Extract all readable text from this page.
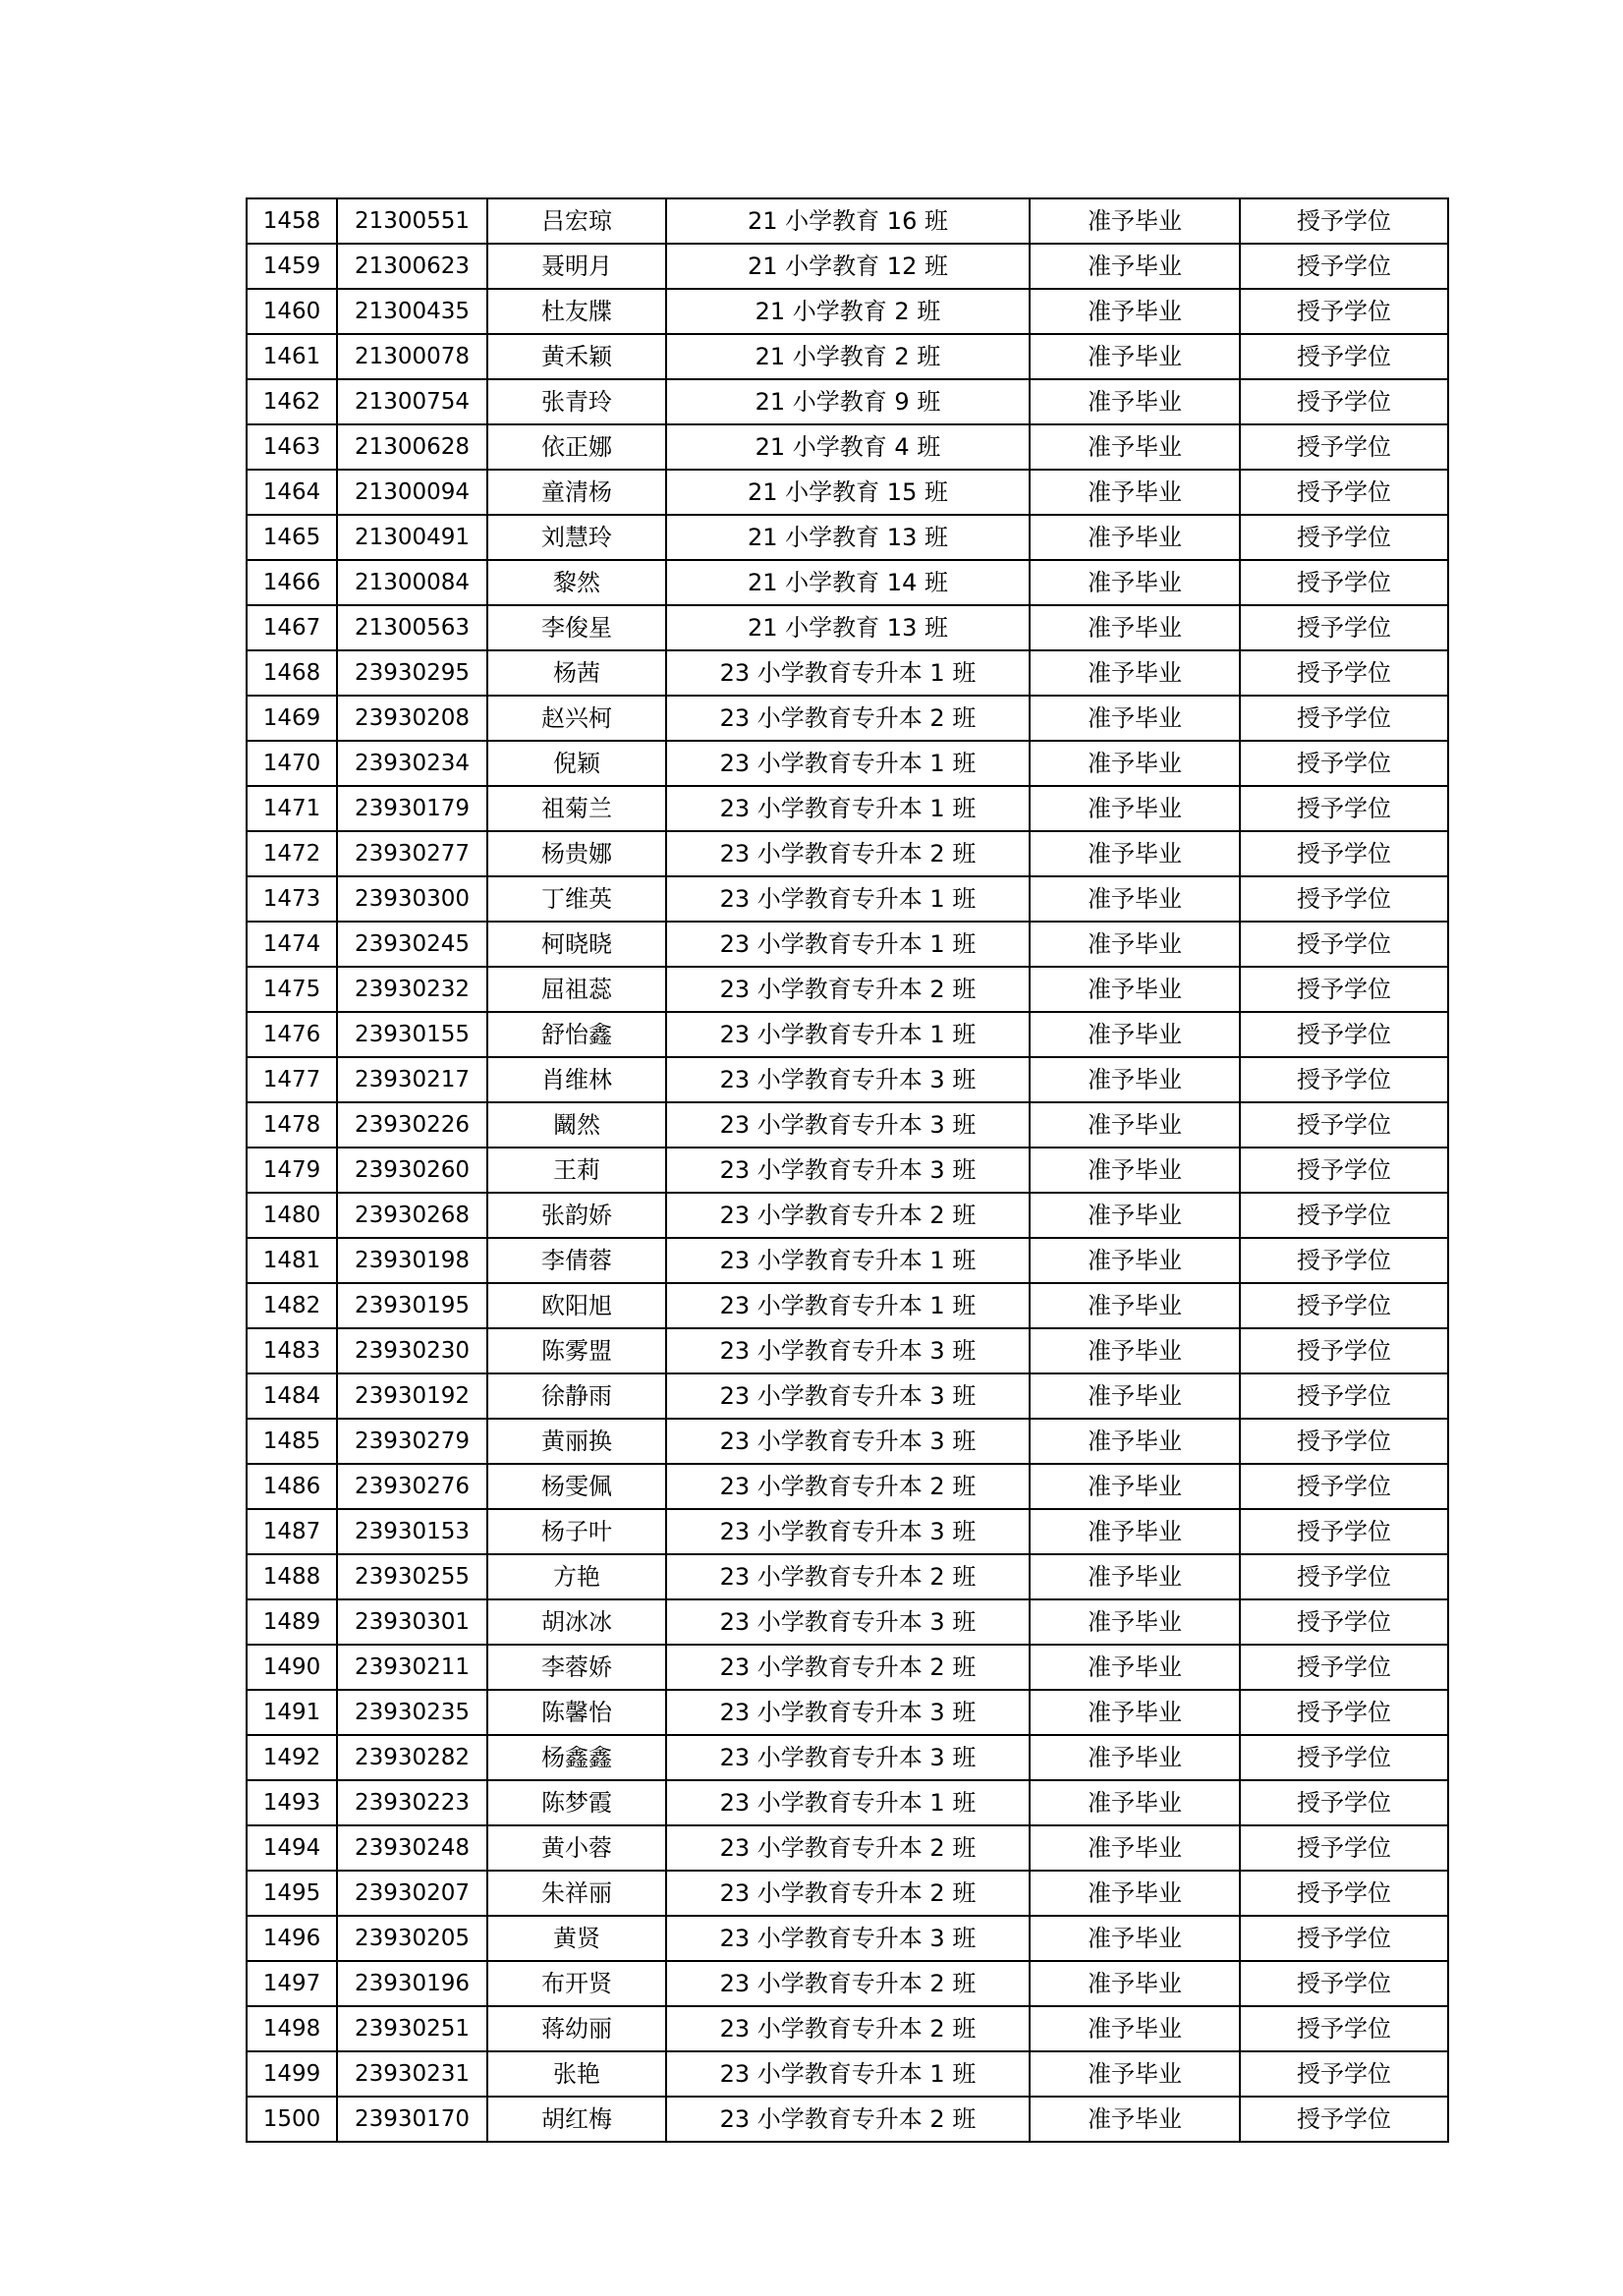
1458	21300551	吕宏琼	21 小学教育 16 班	准予毕业	授予学位
1459	21300623	聂明月	21 小学教育 12 班	准予毕业	授予学位
1460	21300435	杜友牒	21 小学教育 2 班	准予毕业	授予学位
1461	21300078	黄禾颖	21 小学教育 2 班	准予毕业	授予学位
1462	21300754	张青玲	21 小学教育 9 班	准予毕业	授予学位
1463	21300628	依正娜	21 小学教育 4 班	准予毕业	授予学位
1464	21300094	童清杨	21 小学教育 15 班	准予毕业	授予学位
1465	21300491	刘慧玲	21 小学教育 13 班	准予毕业	授予学位
1466	21300084	黎然	21 小学教育 14 班	准予毕业	授予学位
1467	21300563	李俊星	21 小学教育 13 班	准予毕业	授予学位
1468	23930295	杨茜	23 小学教育专升本 1 班	准予毕业	授予学位
1469	23930208	赵兴柯	23 小学教育专升本 2 班	准予毕业	授予学位
1470	23930234	倪颖	23 小学教育专升本 1 班	准予毕业	授予学位
1471	23930179	祖菊兰	23 小学教育专升本 1 班	准予毕业	授予学位
1472	23930277	杨贵娜	23 小学教育专升本 2 班	准予毕业	授予学位
1473	23930300	丁维英	23 小学教育专升本 1 班	准予毕业	授予学位
1474	23930245	柯晓晓	23 小学教育专升本 1 班	准予毕业	授予学位
1475	23930232	屈祖蕊	23 小学教育专升本 2 班	准予毕业	授予学位
1476	23930155	舒怡鑫	23 小学教育专升本 1 班	准予毕业	授予学位
1477	23930217	肖维林	23 小学教育专升本 3 班	准予毕业	授予学位
1478	23930226	鬫然	23 小学教育专升本 3 班	准予毕业	授予学位
1479	23930260	王莉	23 小学教育专升本 3 班	准予毕业	授予学位
1480	23930268	张韵娇	23 小学教育专升本 2 班	准予毕业	授予学位
1481	23930198	李倩蓉	23 小学教育专升本 1 班	准予毕业	授予学位
1482	23930195	欧阳旭	23 小学教育专升本 1 班	准予毕业	授予学位
1483	23930230	陈雾盟	23 小学教育专升本 3 班	准予毕业	授予学位
1484	23930192	徐静雨	23 小学教育专升本 3 班	准予毕业	授予学位
1485	23930279	黄丽换	23 小学教育专升本 3 班	准予毕业	授予学位
1486	23930276	杨雯佩	23 小学教育专升本 2 班	准予毕业	授予学位
1487	23930153	杨子叶	23 小学教育专升本 3 班	准予毕业	授予学位
1488	23930255	方艳	23 小学教育专升本 2 班	准予毕业	授予学位
1489	23930301	胡冰冰	23 小学教育专升本 3 班	准予毕业	授予学位
1490	23930211	李蓉娇	23 小学教育专升本 2 班	准予毕业	授予学位
1491	23930235	陈馨怡	23 小学教育专升本 3 班	准予毕业	授予学位
1492	23930282	杨鑫鑫	23 小学教育专升本 3 班	准予毕业	授予学位
1493	23930223	陈梦霞	23 小学教育专升本 1 班	准予毕业	授予学位
1494	23930248	黄小蓉	23 小学教育专升本 2 班	准予毕业	授予学位
1495	23930207	朱祥丽	23 小学教育专升本 2 班	准予毕业	授予学位
1496	23930205	黄贤	23 小学教育专升本 3 班	准予毕业	授予学位
1497	23930196	布开贤	23 小学教育专升本 2 班	准予毕业	授予学位
1498	23930251	蒋幼丽	23 小学教育专升本 2 班	准予毕业	授予学位
1499	23930231	张艳	23 小学教育专升本 1 班	准予毕业	授予学位
1500	23930170	胡红梅	23 小学教育专升本 2 班	准予毕业	授予学位
